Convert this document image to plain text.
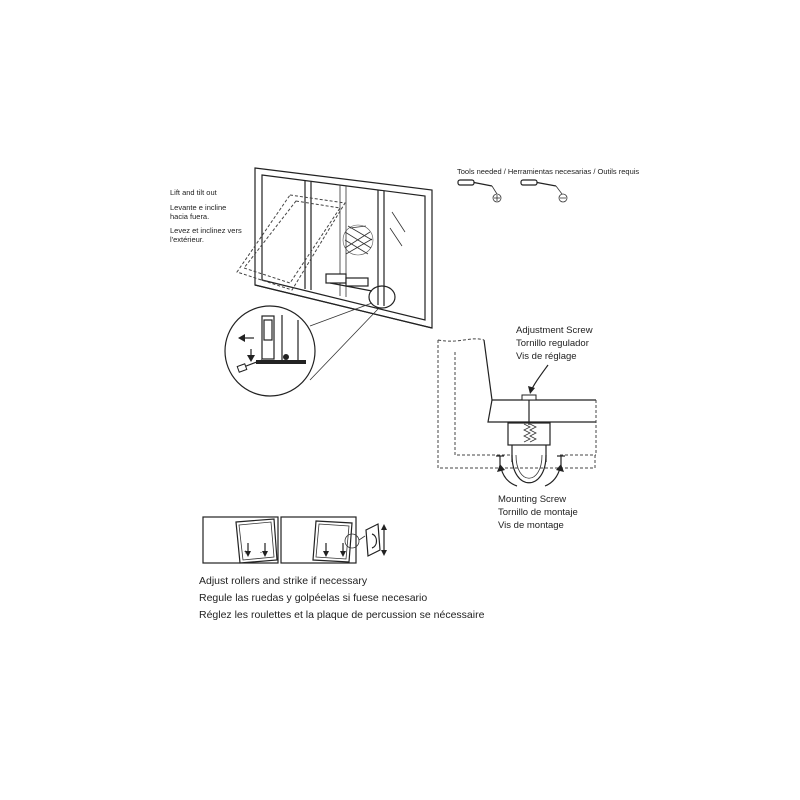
+ -
Lift and tilt out
Levante e incline
hacia fuera.
Levez et inclinez vers
l'extérieur.
Tools needed / Herramientas necesarias / Outils requis
Adjustment Screw
Tornillo regulador
Vis de réglage
Mounting Screw
Tornillo de montaje
Vis de montage
Adjust rollers and strike if necessary
Regule las ruedas y golpéelas si fuese necesario
Réglez les roulettes et la plaque de percussion se nécessaire
